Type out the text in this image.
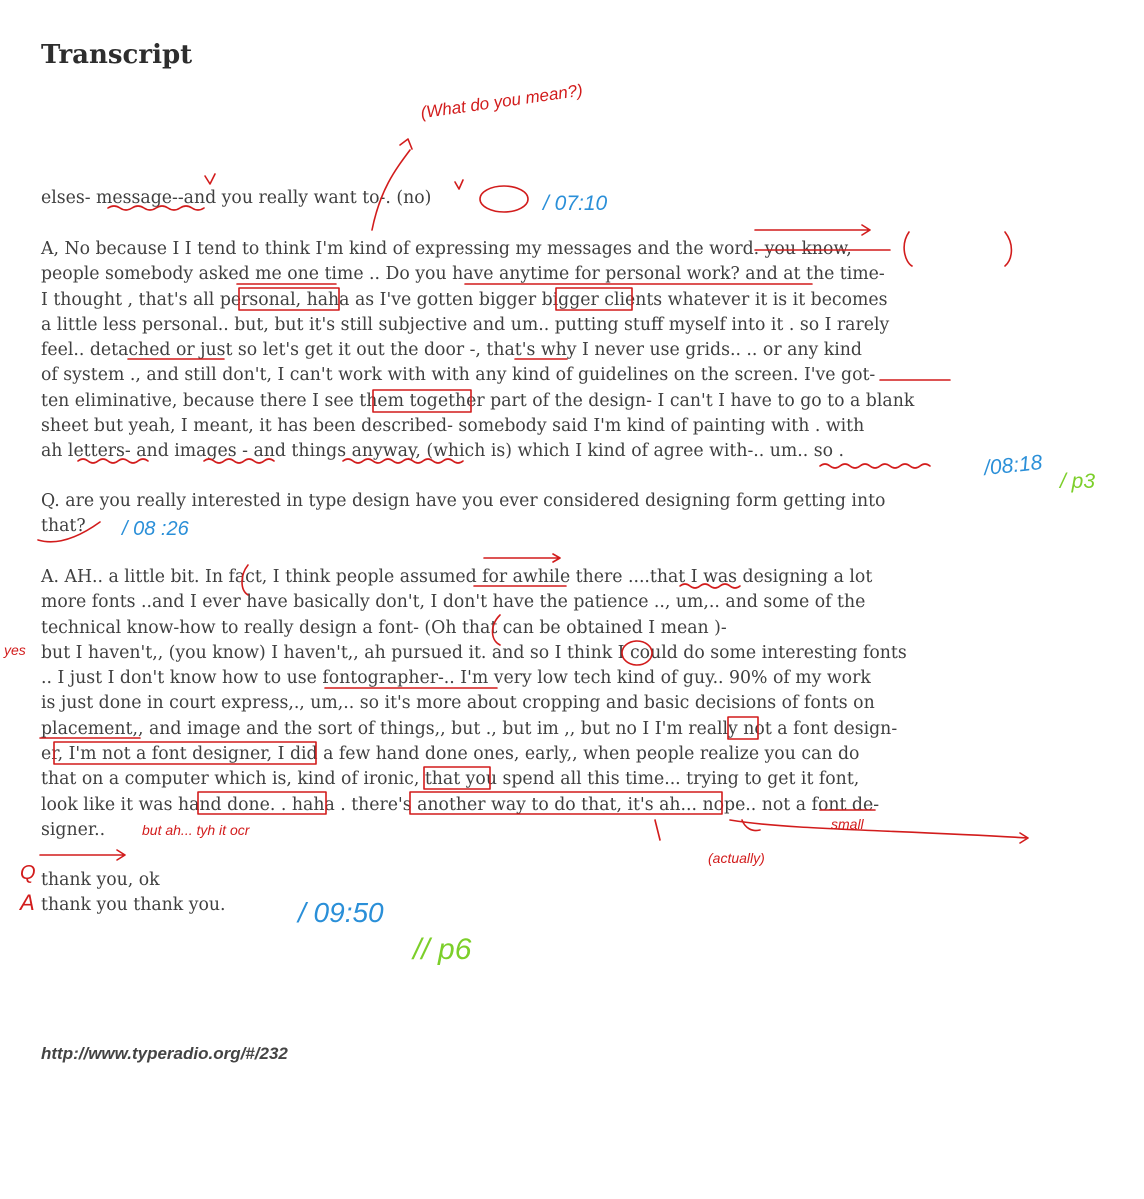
Transcript
elses- message--and you really want to-. (no)
A, No because I I tend to think I'm kind of expressing my messages and the word. you know,
people somebody asked me one time .. Do you have anytime for personal work? and at the time-
I thought , that's all personal, haha as I've gotten bigger bigger clients whatever it is it becomes
a little less personal.. but, but it's still subjective and um.. putting stuff myself into it . so I rarely
feel.. detached or just so let's get it out the door -, that's why I never use grids.. .. or any kind
of system ., and still don't, I can't work with with any kind of guidelines on the screen. I've got-
ten eliminative, because there I see them together part of the design- I can't I have to go to a blank
sheet but yeah, I meant, it has been described- somebody said I'm kind of painting with . with
ah letters- and images - and things anyway, (which is) which I kind of agree with-.. um.. so .
Q. are you really interested in type design have you ever considered designing form getting into
that?
A. AH.. a little bit. In fact, I think people assumed for awhile there ....that I was designing a lot
more fonts ..and I ever have basically don't, I don't have the patience .., um,.. and some of the
technical know-how to really design a font- (Oh that can be obtained I mean )-
but I haven't,, (you know) I haven't,, ah pursued it. and so I think I could do some interesting fonts
.. I just I don't know how to use fontographer-.. I'm very low tech kind of guy.. 90% of my work
is just done in court express,., um,.. so it's more about cropping and basic decisions of fonts on
placement,, and image and the sort of things,, but ., but im ,, but no I I'm really not a font design-
er, I'm not a font designer, I did a few hand done ones, early,, when people realize you can do
that on a computer which is, kind of ironic, that you spend all this time... trying to get it font,
look like it was hand done. . haha . there's another way to do that, it's ah... nope.. not a font de-
signer..
thank you, ok
thank you thank you.
http://www.typeradio.org/#/232
(What do you mean?)
/ 07:10
/08:18
/ p3
/ 08 :26
/ 09:50
// p6
but ah... tyh it ocr
(actually)
small
Q
A
yes
